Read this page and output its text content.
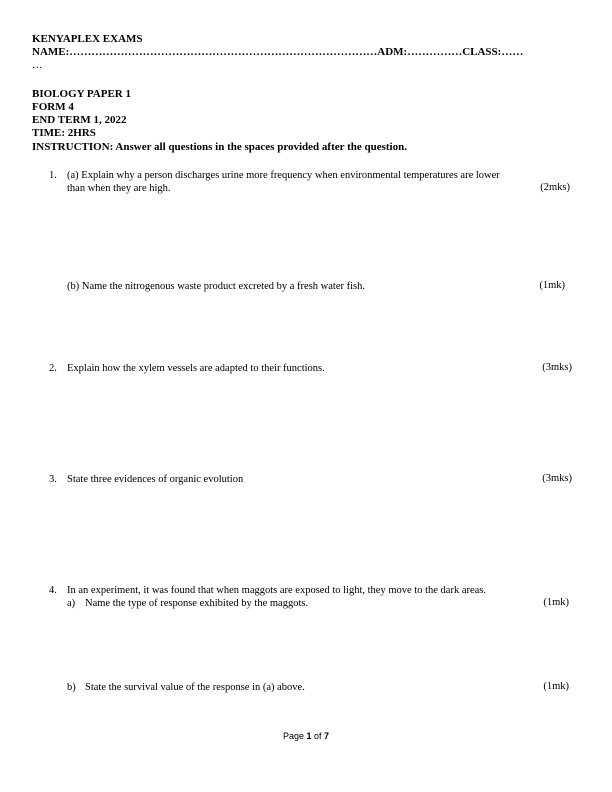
KENYAPLEX EXAMS
NAME:…………………………………………………………………………ADM:……………CLASS:……
…
BIOLOGY PAPER 1
FORM 4
END TERM 1, 2022
TIME: 2HRS
INSTRUCTION: Answer all questions in the spaces provided after the question.
1. (a) Explain why a person discharges urine more frequency when environmental temperatures are lower
than when they are high.	(2mks)
(b) Name the nitrogenous waste product excreted by a fresh water fish.	(1mk)
2. Explain how the xylem vessels are adapted to their functions.	(3mks)
3. State three evidences of organic evolution	(3mks)
4. In an experiment, it was found that when maggots are exposed to light, they move to the dark areas.
a) Name the type of response exhibited by the maggots.	(1mk)
b) State the survival value of the response in (a) above.	(1mk)
Page 1 of 7
